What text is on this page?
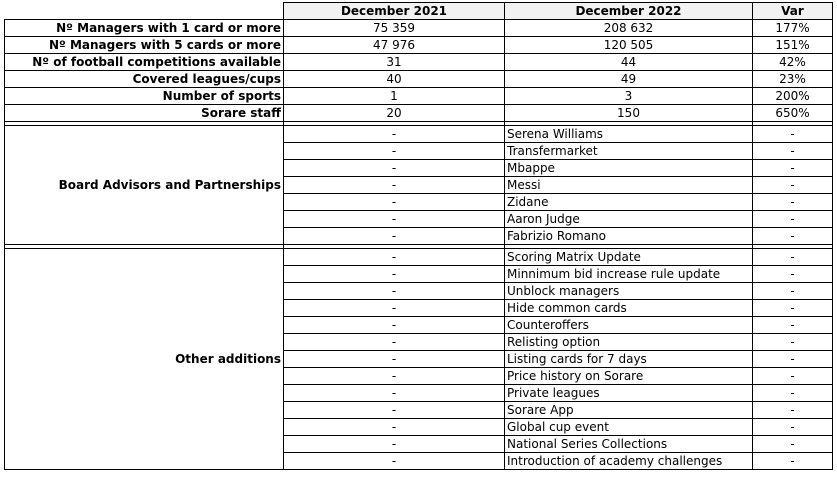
	December 2021	December 2022	Var
Nº Managers with 1 card or more	75 359	208 632	177%
Nº Managers with 5 cards or more	47 976	120 505	151%
Nº of football competitions available	31	44	42%
Covered leagues/cups	40	49	23%
Number of sports	1	3	200%
Sorare staff	20	150	650%

Board Advisors and Partnerships	-	Serena Williams	-
	-	Transfermarket	-
	-	Mbappe	-
	-	Messi	-
	-	Zidane	-
	-	Aaron Judge	-
	-	Fabrizio Romano	-

Other additions	-	Scoring Matrix Update	-
	-	Minnimum bid increase rule update	-
	-	Unblock managers	-
	-	Hide common cards	-
	-	Counteroffers	-
	-	Relisting option	-
	-	Listing cards for 7 days	-
	-	Price history on Sorare	-
	-	Private leagues	-
	-	Sorare App	-
	-	Global cup event	-
	-	National Series Collections	-
	-	Introduction of academy challenges	-
